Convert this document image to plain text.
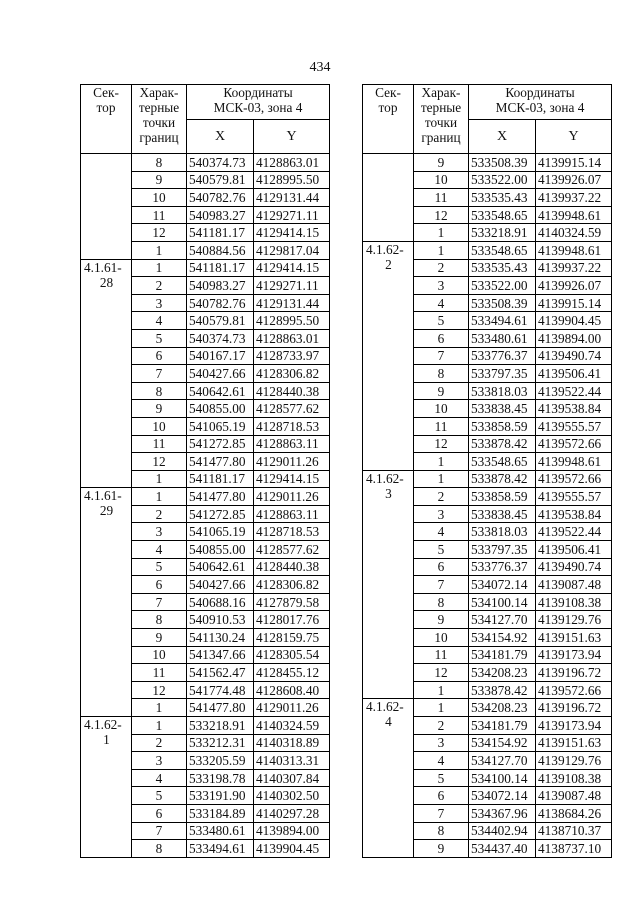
434
Сек-
тор	Харак-
терные
точки
границ	Координаты
МСК-03, зона 4	

		X	Y
	8	540374.73	4128863.01
	9	540579.81	4128995.50
	10	540782.76	4129131.44
	11	540983.27	4129271.11
	12	541181.17	4129414.15
	1	540884.56	4129817.04

4.1.61-
28	1	541181.17	4129414.15
	2	540983.27	4129271.11
	3	540782.76	4129131.44
	4	540579.81	4128995.50
	5	540374.73	4128863.01
	6	540167.17	4128733.97
	7	540427.66	4128306.82
	8	540642.61	4128440.38
	9	540855.00	4128577.62
	10	541065.19	4128718.53
	11	541272.85	4128863.11
	12	541477.80	4129011.26
	1	541181.17	4129414.15

4.1.61-
29	1	541477.80	4129011.26
	2	541272.85	4128863.11
	3	541065.19	4128718.53
	4	540855.00	4128577.62
	5	540642.61	4128440.38
	6	540427.66	4128306.82
	7	540688.16	4127879.58
	8	540910.53	4128017.76
	9	541130.24	4128159.75
	10	541347.66	4128305.54
	11	541562.47	4128455.12
	12	541774.48	4128608.40
	1	541477.80	4129011.26

4.1.62-
1	1	533218.91	4140324.59
	2	533212.31	4140318.89
	3	533205.59	4140313.31
	4	533198.78	4140307.84
	5	533191.90	4140302.50
	6	533184.89	4140297.28
	7	533480.61	4139894.00
	8	533494.61	4139904.45
Сек-
тор	Харак-
терные
точки
границ	Координаты
МСК-03, зона 4	

		X	Y
	9	533508.39	4139915.14
	10	533522.00	4139926.07
	11	533535.43	4139937.22
	12	533548.65	4139948.61
	1	533218.91	4140324.59

4.1.62-
2	1	533548.65	4139948.61
	2	533535.43	4139937.22
	3	533522.00	4139926.07
	4	533508.39	4139915.14
	5	533494.61	4139904.45
	6	533480.61	4139894.00
	7	533776.37	4139490.74
	8	533797.35	4139506.41
	9	533818.03	4139522.44
	10	533838.45	4139538.84
	11	533858.59	4139555.57
	12	533878.42	4139572.66
	1	533548.65	4139948.61

4.1.62-
3	1	533878.42	4139572.66
	2	533858.59	4139555.57
	3	533838.45	4139538.84
	4	533818.03	4139522.44
	5	533797.35	4139506.41
	6	533776.37	4139490.74
	7	534072.14	4139087.48
	8	534100.14	4139108.38
	9	534127.70	4139129.76
	10	534154.92	4139151.63
	11	534181.79	4139173.94
	12	534208.23	4139196.72
	1	533878.42	4139572.66

4.1.62-
4	1	534208.23	4139196.72
	2	534181.79	4139173.94
	3	534154.92	4139151.63
	4	534127.70	4139129.76
	5	534100.14	4139108.38
	6	534072.14	4139087.48
	7	534367.96	4138684.26
	8	534402.94	4138710.37
	9	534437.40	4138737.10
